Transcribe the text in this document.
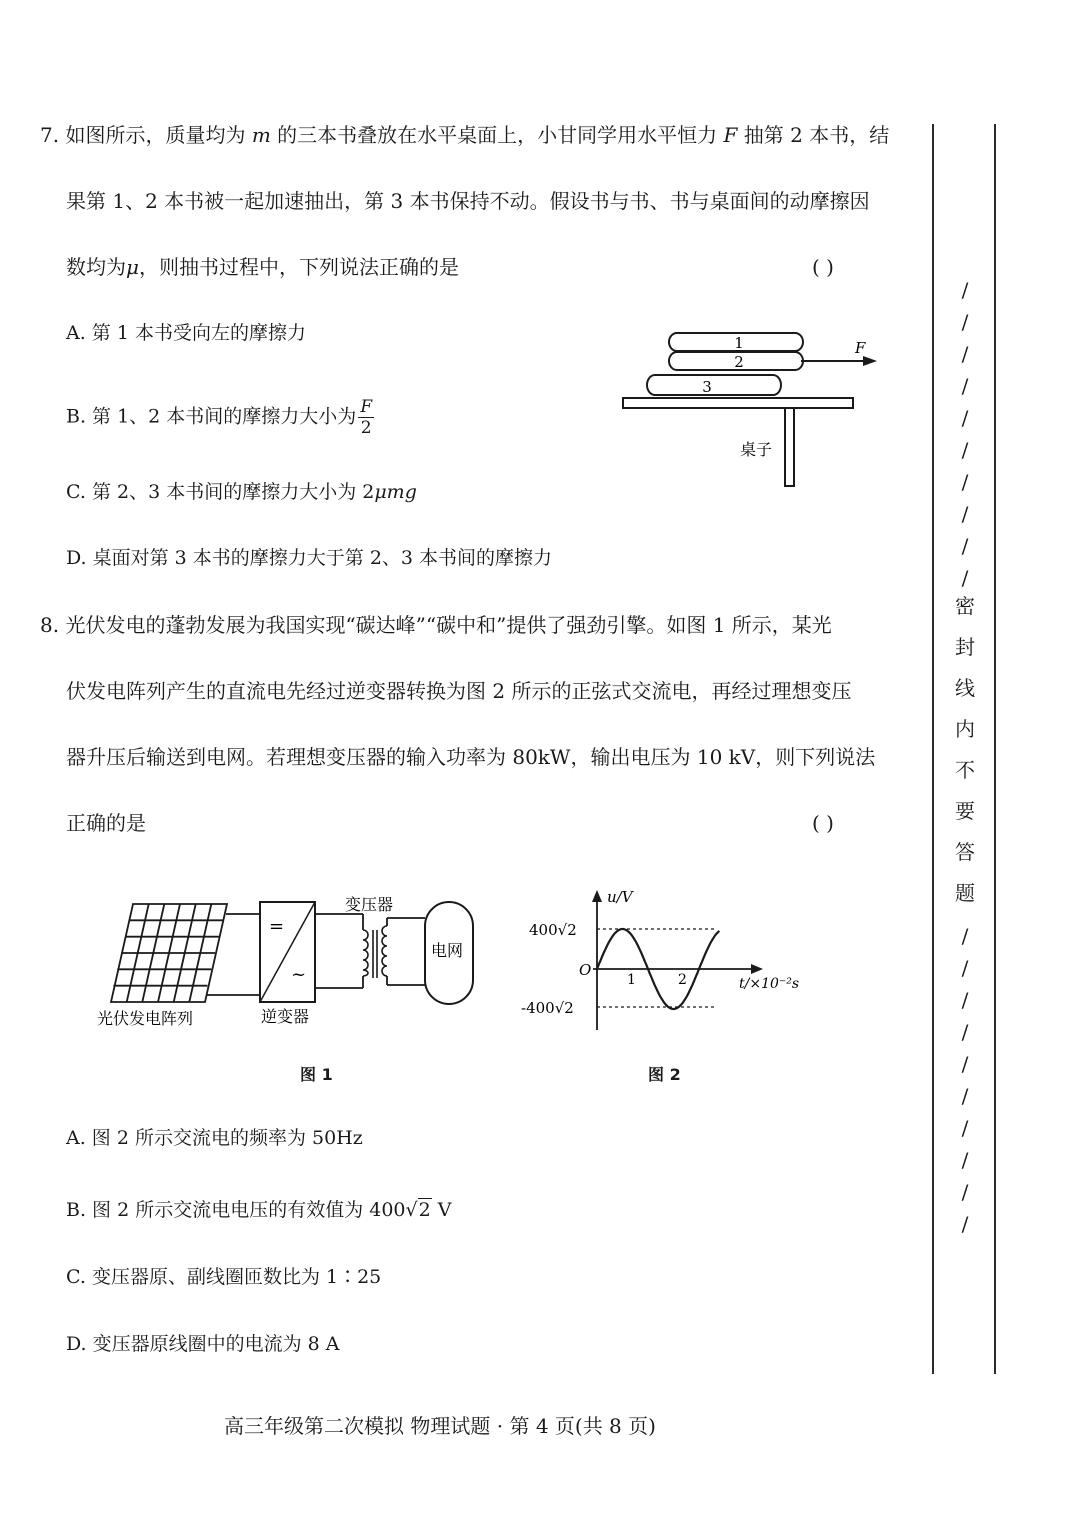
7. 如图所示，质量均为 m 的三本书叠放在水平桌面上，小甘同学用水平恒力 F 抽第 2 本书，结
果第 1、2 本书被一起加速抽出，第 3 本书保持不动。假设书与书、书与桌面间的动摩擦因
数均为μ，则抽书过程中，下列说法正确的是	( )
A. 第 1 本书受向左的摩擦力
B. 第 1、2 本书间的摩擦力大小为 $\frac{F}{2}$
C. 第 2、3 本书间的摩擦力大小为 2μmg
D. 桌面对第 3 本书的摩擦力大于第 2、3 本书间的摩擦力
1
2
3
F
桌子
8. 光伏发电的蓬勃发展为我国实现“碳达峰”“碳中和”提供了强劲引擎。如图 1 所示，某光
伏发电阵列产生的直流电先经过逆变器转换为图 2 所示的正弦式交流电，再经过理想变压
器升压后输送到电网。若理想变压器的输入功率为 80kW，输出电压为 10 kV，则下列说法
正确的是	( )
=
~
变压器
电网
光伏发电阵列	逆变器
图 1
u/V
t/×10⁻²s
O
1	2
400√2
-400√2
图 2
A. 图 2 所示交流电的频率为 50Hz
B. 图 2 所示交流电电压的有效值为 400√2 V
C. 变压器原、副线圈匝数比为 1∶25
D. 变压器原线圈中的电流为 8 A
/
/
/
/
/
/
/
/
/
/
密
封
线
内
不
要
答
题
/
/
/
/
/
/
/
/
/
/
高三年级第二次模拟 物理试题 · 第 4 页(共 8 页)
